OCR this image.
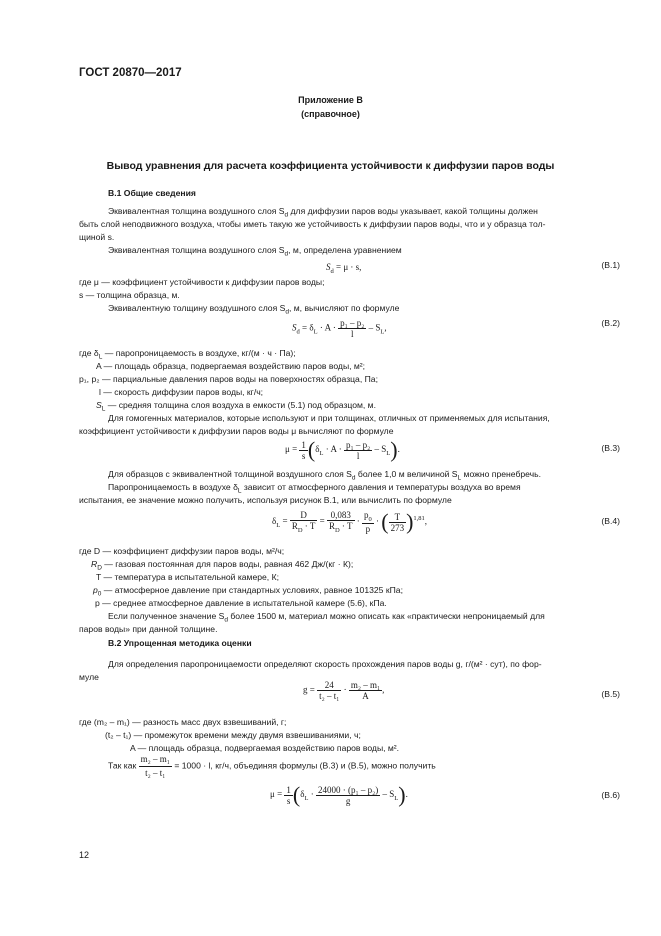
ГОСТ 20870—2017
Приложение В
(справочное)
Вывод уравнения для расчета коэффициента устойчивости к диффузии паров воды
В.1 Общие сведения
Эквивалентная толщина воздушного слоя $S_d$ для диффузии паров воды указывает, какой толщины должен
быть слой неподвижного воздуха, чтобы иметь такую же устойчивость к диффузии паров воды, что и у образца тол-
щиной s.
Эквивалентная толщина воздушного слоя $S_d$, м, определена уравнением
$S_d = \mu \cdot s$,	(В.1)
где μ — коэффициент устойчивости к диффузии паров воды;
s — толщина образца, м.
Эквивалентную толщину воздушного слоя $S_d$, м, вычисляют по формуле
$S_d = \delta_L \cdot A \cdot \frac{\text{p₁ – p₂}}{l} - S_L$,	(В.2)
где $\delta_L$ — паропроницаемость в воздухе, кг/(м · ч · Па);
A — площадь образца, подвергаемая воздействию паров воды, м²;
p₁, p₂ — парциальные давления паров воды на поверхностях образца, Па;
l — скорость диффузии паров воды, кг/ч;
$S_L$ — средняя толщина слоя воздуха в емкости (5.1) под образцом, м.
Для гомогенных материалов, которые используют и при толщинах, отличных от применяемых для испытания,
коэффициент устойчивости к диффузии паров воды μ вычисляют по формуле
$\mu = \frac{1}{s} (\delta_L \cdot A \cdot \frac{\text{p₁ – p₂}}{l} - S_L)$.	(В.3)
Для образцов с эквивалентной толщиной воздушного слоя $S_d$ более 1,0 м величиной $S_L$ можно пренебречь.
Паропроницаемость в воздухе $\delta_L$ зависит от атмосферного давления и температуры воздуха во время
испытания, ее значение можно получить, используя рисунок В.1, или вычислить по формуле
$\delta_L = \frac{D}{R_D \cdot T} = \frac{0,083}{R_D \cdot T} \cdot \frac{p_0}{p}$ · ( $\frac{T}{273} )^{1,81}$,	(В.4)
где D — коэффициент диффузии паров воды, м²/ч;
$R_D$ — газовая постоянная для паров воды, равная 462 Дж/(кг · К);
T — температура в испытательной камере, К;
$p_0$ — атмосферное давление при стандартных условиях, равное 101325 кПа;
p — среднее атмосферное давление в испытательной камере (5.6), кПа.
Если полученное значение $S_d$ более 1500 м, материал можно описать как «практически непроницаемый для
паров воды» при данной толщине.
В.2 Упрощенная методика оценки
Для определения паропроницаемости определяют скорость прохождения паров воды g, г/(м² · сут), по фор-
муле
$g = \frac{24}{\text{t₂ – t₁}} \cdot \frac{\text{m₂ – m₁}}{A}$ ,	(В.5)
где (m₂ – m₁) — разность масс двух взвешиваний, г;
(t₂ – t₁) — промежуток времени между двумя взвешиваниями, ч;
A — площадь образца, подвергаемая воздействию паров воды, м².
Так как $\frac{\text{m₂ – m₁}}{\text{t₂ – t₁}} = 1000 \cdot l$, кг/ч, объединяя формулы (В.3) и (В.5), можно получить
$\mu = \frac{1}{s} (\delta_L \cdot \frac{\text{24000 · (p₁ – p₂)}}{g} - S_L)$.	(В.6)
12
